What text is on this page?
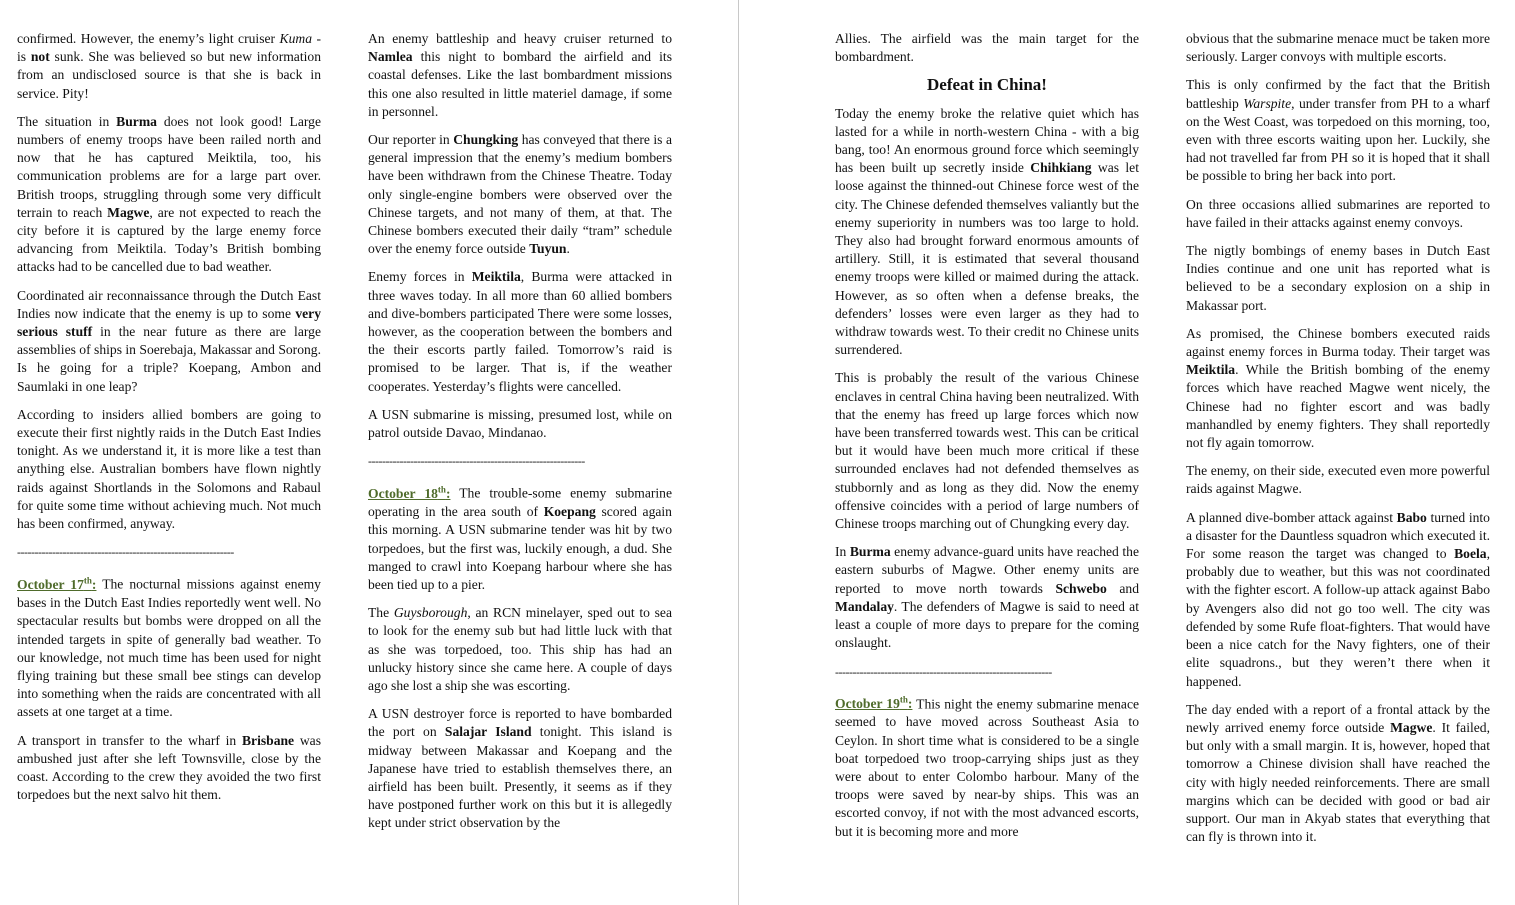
confirmed. However, the enemy’s light cruiser Kuma - is not sunk. She was believed so but new information from an undisclosed source is that she is back in service. Pity!

The situation in Burma does not look good! Large numbers of enemy troops have been railed north and now that he has captured Meiktila, too, his communication problems are for a large part over. British troops, struggling through some very difficult terrain to reach Magwe, are not expected to reach the city before it is captured by the large enemy force advancing from Meiktila. Today’s British bombing attacks had to be cancelled due to bad weather.

Coordinated air reconnaissance through the Dutch East Indies now indicate that the enemy is up to some very serious stuff in the near future as there are large assemblies of ships in Soerebaja, Makassar and Sorong. Is he going for a triple? Koepang, Ambon and Saumlaki in one leap?

According to insiders allied bombers are going to execute their first nightly raids in the Dutch East Indies tonight. As we understand it, it is more like a test than anything else. Australian bombers have flown nightly raids against Shortlands in the Solomons and Rabaul for quite some time without achieving much. Not much has been confirmed, anyway.

--------------------------------------------------------------

October 17th: The nocturnal missions against enemy bases in the Dutch East Indies reportedly went well. No spectacular results but bombs were dropped on all the intended targets in spite of generally bad weather. To our knowledge, not much time has been used for night flying training but these small bee stings can develop into something when the raids are concentrated with all assets at one target at a time.

A transport in transfer to the wharf in Brisbane was ambushed just after she left Townsville, close by the coast. According to the crew they avoided the two first torpedoes but the next salvo hit them.

An enemy battleship and heavy cruiser returned to Namlea this night to bombard the airfield and its coastal defenses. Like the last bombardment missions this one also resulted in little materiel damage, if some in personnel.

Our reporter in Chungking has conveyed that there is a general impression that the enemy’s medium bombers have been withdrawn from the Chinese Theatre. Today only single-engine bombers were observed over the Chinese targets, and not many of them, at that. The Chinese bombers executed their daily “tram” schedule over the enemy force outside Tuyun.

Enemy forces in Meiktila, Burma were attacked in three waves today. In all more than 60 allied bombers and dive-bombers participated There were some losses, however, as the cooperation between the bombers and the their escorts partly failed. Tomorrow’s raid is promised to be larger. That is, if the weather cooperates. Yesterday’s flights were cancelled.

A USN submarine is missing, presumed lost, while on patrol outside Davao, Mindanao.

--------------------------------------------------------------

October 18th: The trouble-some enemy submarine operating in the area south of Koepang scored again this morning. A USN submarine tender was hit by two torpedoes, but the first was, luckily enough, a dud. She manged to crawl into Koepang harbour where she has been tied up to a pier.

The Guysborough, an RCN minelayer, sped out to sea to look for the enemy sub but had little luck with that as she was torpedoed, too. This ship has had an unlucky history since she came here. A couple of days ago she lost a ship she was escorting.

A USN destroyer force is reported to have bombarded the port on Salajar Island tonight. This island is midway between Makassar and Koepang and the Japanese have tried to establish themselves there, an airfield has been built. Presently, it seems as if they have postponed further work on this but it is allegedly kept under strict observation by the

Allies. The airfield was the main target for the bombardment.

Defeat in China!

Today the enemy broke the relative quiet which has lasted for a while in north-western China - with a big bang, too! An enormous ground force which seemingly has been built up secretly inside Chihkiang was let loose against the thinned-out Chinese force west of the city. The Chinese defended themselves valiantly but the enemy superiority in numbers was too large to hold. They also had brought forward enormous amounts of artillery. Still, it is estimated that several thousand enemy troops were killed or maimed during the attack. However, as so often when a defense breaks, the defenders’ losses were even larger as they had to withdraw towards west. To their credit no Chinese units surrendered.

This is probably the result of the various Chinese enclaves in central China having been neutralized. With that the enemy has freed up large forces which now have been transferred towards west. This can be critical but it would have been much more critical if these surrounded enclaves had not defended themselves as stubbornly and as long as they did. Now the enemy offensive coincides with a period of large numbers of Chinese troops marching out of Chungking every day.

In Burma enemy advance-guard units have reached the eastern suburbs of Magwe. Other enemy units are reported to move north towards Schwebo and Mandalay. The defenders of Magwe is said to need at least a couple of more days to prepare for the coming onslaught.

--------------------------------------------------------------

October 19th: This night the enemy submarine menace seemed to have moved across Southeast Asia to Ceylon. In short time what is considered to be a single boat torpedoed two troop-carrying ships just as they were about to enter Colombo harbour. Many of the troops were saved by near-by ships. This was an escorted convoy, if not with the most advanced escorts, but it is becoming more and more

obvious that the submarine menace muct be taken more seriously. Larger convoys with multiple escorts.

This is only confirmed by the fact that the British battleship Warspite, under transfer from PH to a wharf on the West Coast, was torpedoed on this morning, too, even with three escorts waiting upon her. Luckily, she had not travelled far from PH so it is hoped that it shall be possible to bring her back into port.

On three occasions allied submarines are reported to have failed in their attacks against enemy convoys.

The nigtly bombings of enemy bases in Dutch East Indies continue and one unit has reported what is believed to be a secondary explosion on a ship in Makassar port.

As promised, the Chinese bombers executed raids against enemy forces in Burma today. Their target was Meiktila. While the British bombing of the enemy forces which have reached Magwe went nicely, the Chinese had no fighter escort and was badly manhandled by enemy fighters. They shall reportedly not fly again tomorrow.

The enemy, on their side, executed even more powerful raids against Magwe.

A planned dive-bomber attack against Babo turned into a disaster for the Dauntless squadron which executed it. For some reason the target was changed to Boela, probably due to weather, but this was not coordinated with the fighter escort. A follow-up attack against Babo by Avengers also did not go too well. The city was defended by some Rufe float-fighters. That would have been a nice catch for the Navy fighters, one of their elite squadrons., but they weren’t there when it happened.

The day ended with a report of a frontal attack by the newly arrived enemy force outside Magwe. It failed, but only with a small margin. It is, however, hoped that tomorrow a Chinese division shall have reached the city with higly needed reinforcements. There are small margins which can be decided with good or bad air support. Our man in Akyab states that everything that can fly is thrown into it.
